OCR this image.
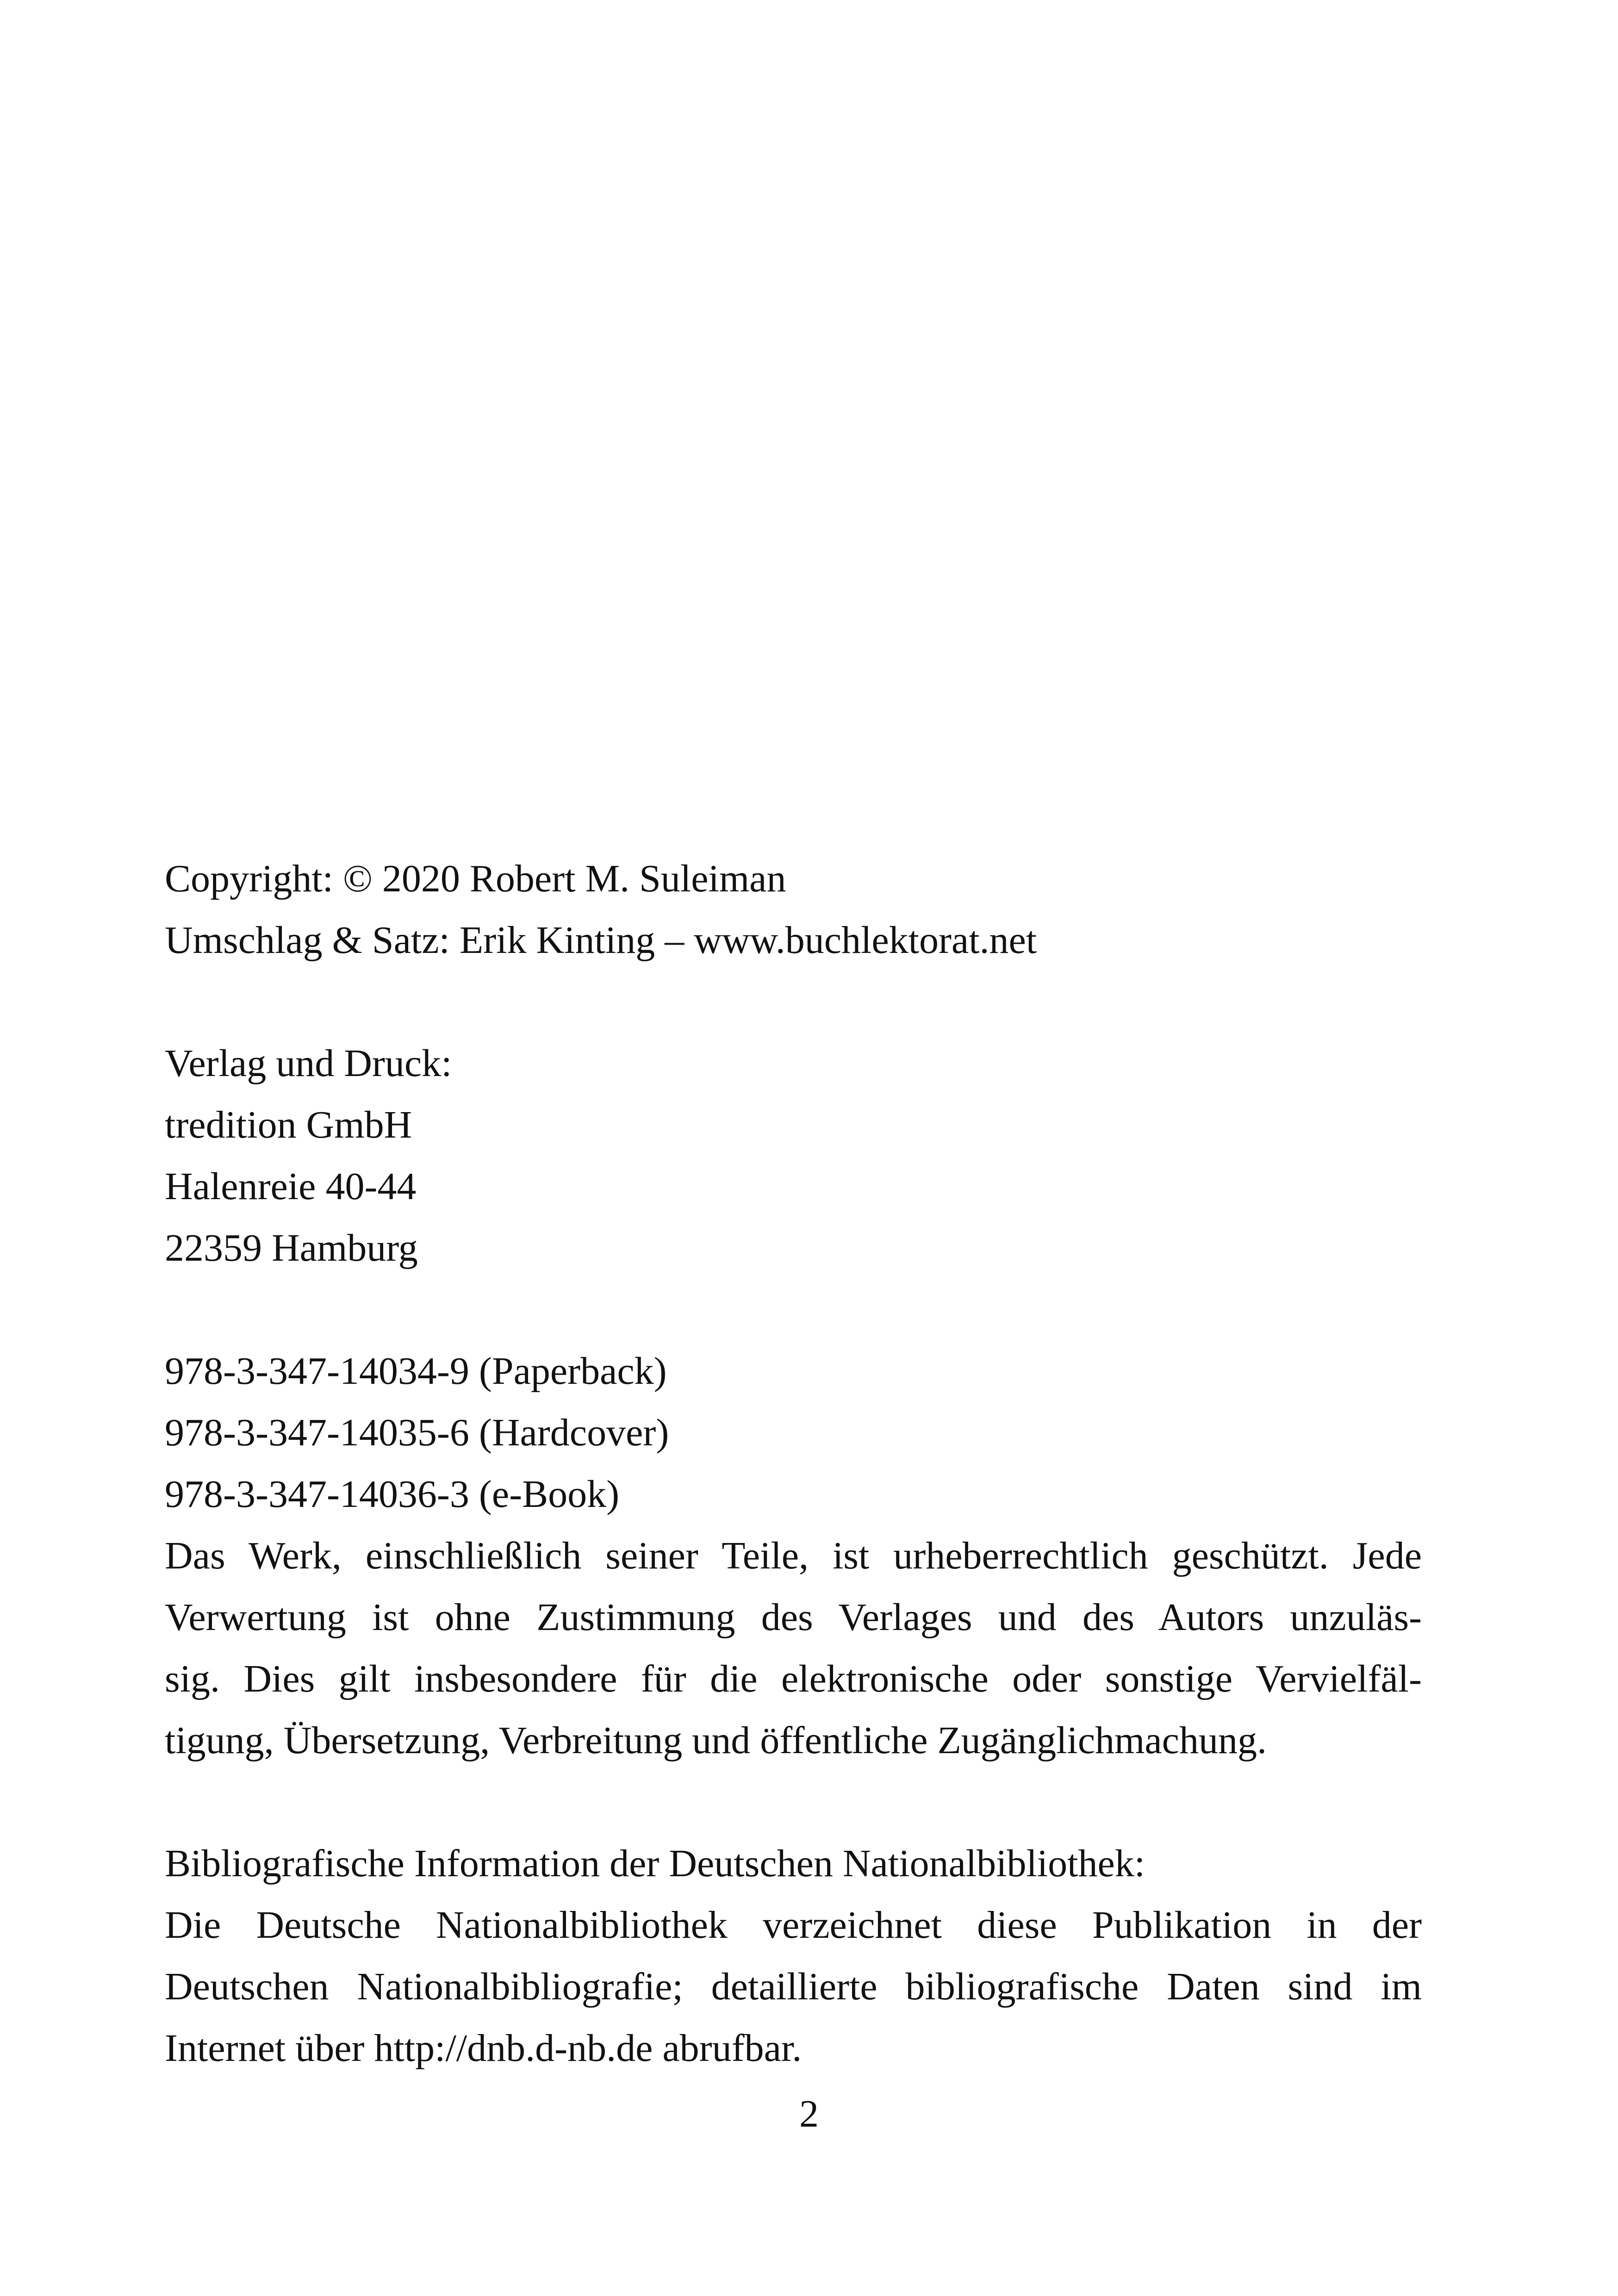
Copyright: © 2020 Robert M. Suleiman

Umschlag & Satz: Erik Kinting – www.buchlektorat.net

Verlag und Druck:

tredition GmbH

Halenreie 40-44

22359 Hamburg

978-3-347-14034-9 (Paperback)

978-3-347-14035-6 (Hardcover)

978-3-347-14036-3 (e-Book)

Das Werk, einschließlich seiner Teile, ist urheberrechtlich geschützt. Jede

Verwertung ist ohne Zustimmung des Verlages und des Autors unzuläs-

sig. Dies gilt insbesondere für die elektronische oder sonstige Vervielfäl-

tigung, Übersetzung, Verbreitung und öffentliche Zugänglichmachung.

Bibliografische Information der Deutschen Nationalbibliothek:

Die Deutsche Nationalbibliothek verzeichnet diese Publikation in der

Deutschen Nationalbibliografie; detaillierte bibliografische Daten sind im

Internet über http://dnb.d-nb.de abrufbar.

2
